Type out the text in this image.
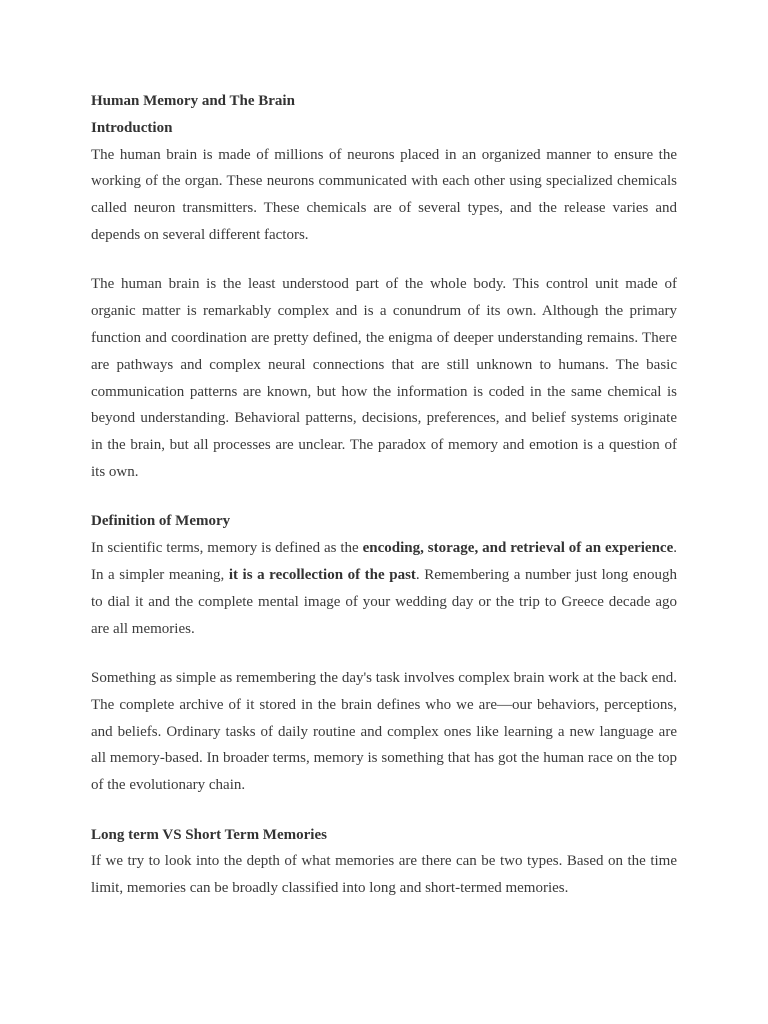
Human Memory and The Brain

Introduction

The human brain is made of millions of neurons placed in an organized manner to ensure the working of the organ. These neurons communicated with each other using specialized chemicals called neuron transmitters. These chemicals are of several types, and the release varies and depends on several different factors.

The human brain is the least understood part of the whole body. This control unit made of organic matter is remarkably complex and is a conundrum of its own. Although the primary function and coordination are pretty defined, the enigma of deeper understanding remains. There are pathways and complex neural connections that are still unknown to humans. The basic communication patterns are known, but how the information is coded in the same chemical is beyond understanding. Behavioral patterns, decisions, preferences, and belief systems originate in the brain, but all processes are unclear. The paradox of memory and emotion is a question of its own.

Definition of Memory

In scientific terms, memory is defined as the encoding, storage, and retrieval of an experience. In a simpler meaning, it is a recollection of the past. Remembering a number just long enough to dial it and the complete mental image of your wedding day or the trip to Greece decade ago are all memories.

Something as simple as remembering the day's task involves complex brain work at the back end. The complete archive of it stored in the brain defines who we are—our behaviors, perceptions, and beliefs. Ordinary tasks of daily routine and complex ones like learning a new language are all memory-based. In broader terms, memory is something that has got the human race on the top of the evolutionary chain.

Long term VS Short Term Memories

If we try to look into the depth of what memories are there can be two types. Based on the time limit, memories can be broadly classified into long and short-termed memories.
